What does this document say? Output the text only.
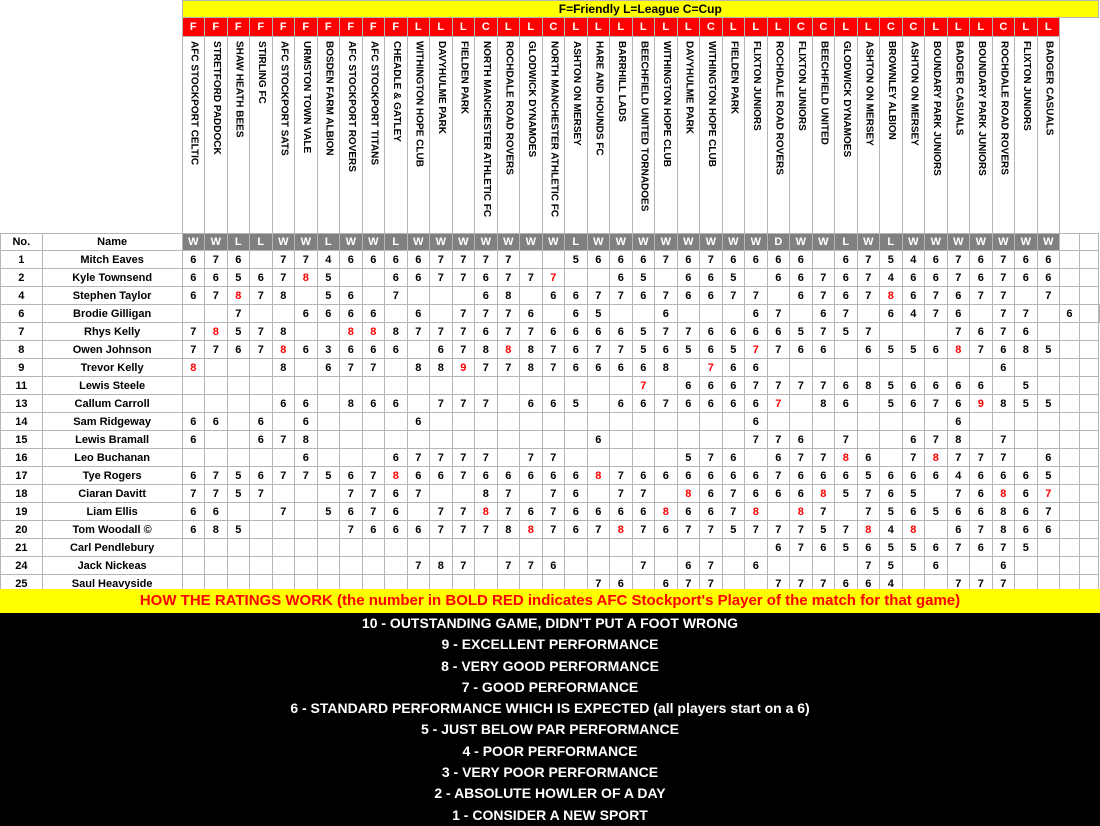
		F=Friendly L=League C=Cup																																									
		F	F	F	F	F	F	F	F	F	F	L	L	L	C	L	L	C	L	L	L	L	L	L	C	L	L	L	C	C	L	L	C	C	L	L	L	C	L	L			
		AFC STOCKPORT CELTIC	STRETFORD PADDOCK	SHAW HEATH BEES	STIRLING FC	AFC STOCKPORT SATS	URMSTON TOWN VALE	BOSDEN FARM ALBION	AFC STOCKPORT ROVERS	AFC STOCKPORT TITANS	CHEADLE & GATLEY	WITHINGTON HOPE CLUB	DAVYHULME PARK	FIELDEN PARK	NORTH MANCHESTER ATHLETIC FC	ROCHDALE ROAD ROVERS	GLODWICK DYNAMOES	NORTH MANCHESTER ATHLETIC FC	ASHTON ON MERSEY	HARE AND HOUNDS FC	BARRHILL LADS	BEECHFIELD UNITED TORNADOES	WITHINGTON HOPE CLUB	DAVYHULME PARK	WITHINGTON HOPE CLUB	FIELDEN PARK	FLIXTON JUNIORS	ROCHDALE ROAD ROVERS	FLIXTON JUNIORS	BEECHFIELD UNITED	GLODWICK DYNAMOES	ASHTON ON MERSEY	BROWNLEY ALBION	ASHTON ON MERSEY	BOUNDARY PARK JUNIORS	BADGER CASUALS	BOUNDARY PARK JUNIORS	ROCHDALE ROAD ROVERS	FLIXTON JUNIORS	BADGER CASUALS			
No.	Name	W	W	L	L	W	W	L	W	W	L	W	W	W	W	W	W	W	L	W	W	W	W	W	W	W	W	D	W	W	L	W	L	W	W	W	W	W	W	W			
1	Mitch Eaves	6	7	6		7	7	4	6	6	6	6	7	7	7	7			5	6	6	6	7	6	7	6	6	6	6		6	7	5	4	6	7	6	7	6	6			
2	Kyle Townsend	6	6	5	6	7	8	5			6	6	7	7	6	7	7	7			6	5		6	6	5		6	6	7	6	7	4	6	6	7	6	7	6	6			
4	Stephen Taylor	6	7	8	7	8		5	6		7				6	8		6	6	7	7	6	7	6	6	7	7		6	7	6	7	8	6	7	6	7	7		7			
6	Brodie Gilligan			7			6	6	6	6		6		7	7	7	6		6	5			6				6	7		6	7		6	4	7	6		7	7		6		
7	Rhys Kelly	7	8	5	7	8			8	8	8	7	7	7	6	7	7	6	6	6	6	5	7	7	6	6	6	6	5	7	5	7				7	6	7	6				
8	Owen Johnson	7	7	6	7	8	6	3	6	6	6		6	7	8	8	8	7	6	7	7	5	6	5	6	5	7	7	6	6		6	5	5	6	8	7	6	8	5			
9	Trevor Kelly	8				8		6	7	7		8	8	9	7	7	8	7	6	6	6	6	8		7	6	6											6					
11	Lewis Steele																					7		6	6	6	7	7	7	7	6	8	5	6	6	6	6		5				
13	Callum Carroll					6	6		8	6	6		7	7	7		6	6	5		6	6	7	6	6	6	6	7		8	6		5	6	7	6	9	8	5	5			
14	Sam Ridgeway	6	6		6		6					6															6									6							
15	Lewis Bramall	6			6	7	8													6							7	7	6		7			6	7	8		7					
16	Leo Buchanan						6				6	7	7	7	7		7	7						5	7	6		6	7	7	8	6		7	8	7	7	7		6			
17	Tye Rogers	6	7	5	6	7	7	5	6	7	8	6	6	7	6	6	6	6	6	8	7	6	6	6	6	6	6	7	6	6	6	5	6	6	6	4	6	6	6	5			
18	Ciaran Davitt	7	7	5	7				7	7	6	7			8	7		7	6		7	7		8	6	7	6	6	6	8	5	7	6	5		7	6	8	6	7			
19	Liam Ellis	6	6			7		5	6	7	6		7	7	8	7	6	7	6	6	6	6	8	6	6	7	8		8	7		7	5	6	5	6	6	8	6	7			
20	Tom Woodall ©	6	8	5					7	6	6	6	7	7	7	8	8	7	6	7	8	7	6	7	7	5	7	7	7	5	7	8	4	8		6	7	8	6	6			
21	Carl Pendlebury																											6	7	6	5	6	5	5	6	7	6	7	5				
24	Jack Nickeas											7	8	7		7	7	6				7		6	7		6					7	5		6			6					
25	Saul Heavyside																			7	6		6	7	7			7	7	7	6	6	4			7	7	7					
HOW THE RATINGS WORK (the number in BOLD RED indicates AFC Stockport's Player of the match for that game)
10 - OUTSTANDING GAME, DIDN'T PUT A FOOT WRONG
9 - EXCELLENT PERFORMANCE
8 - VERY GOOD PERFORMANCE
7 - GOOD PERFORMANCE
6 - STANDARD PERFORMANCE WHICH IS EXPECTED (all players start on a 6)
5 - JUST BELOW PAR PERFORMANCE
4 - POOR PERFORMANCE
3 - VERY POOR PERFORMANCE
2 - ABSOLUTE HOWLER OF A DAY
1 - CONSIDER A NEW SPORT
